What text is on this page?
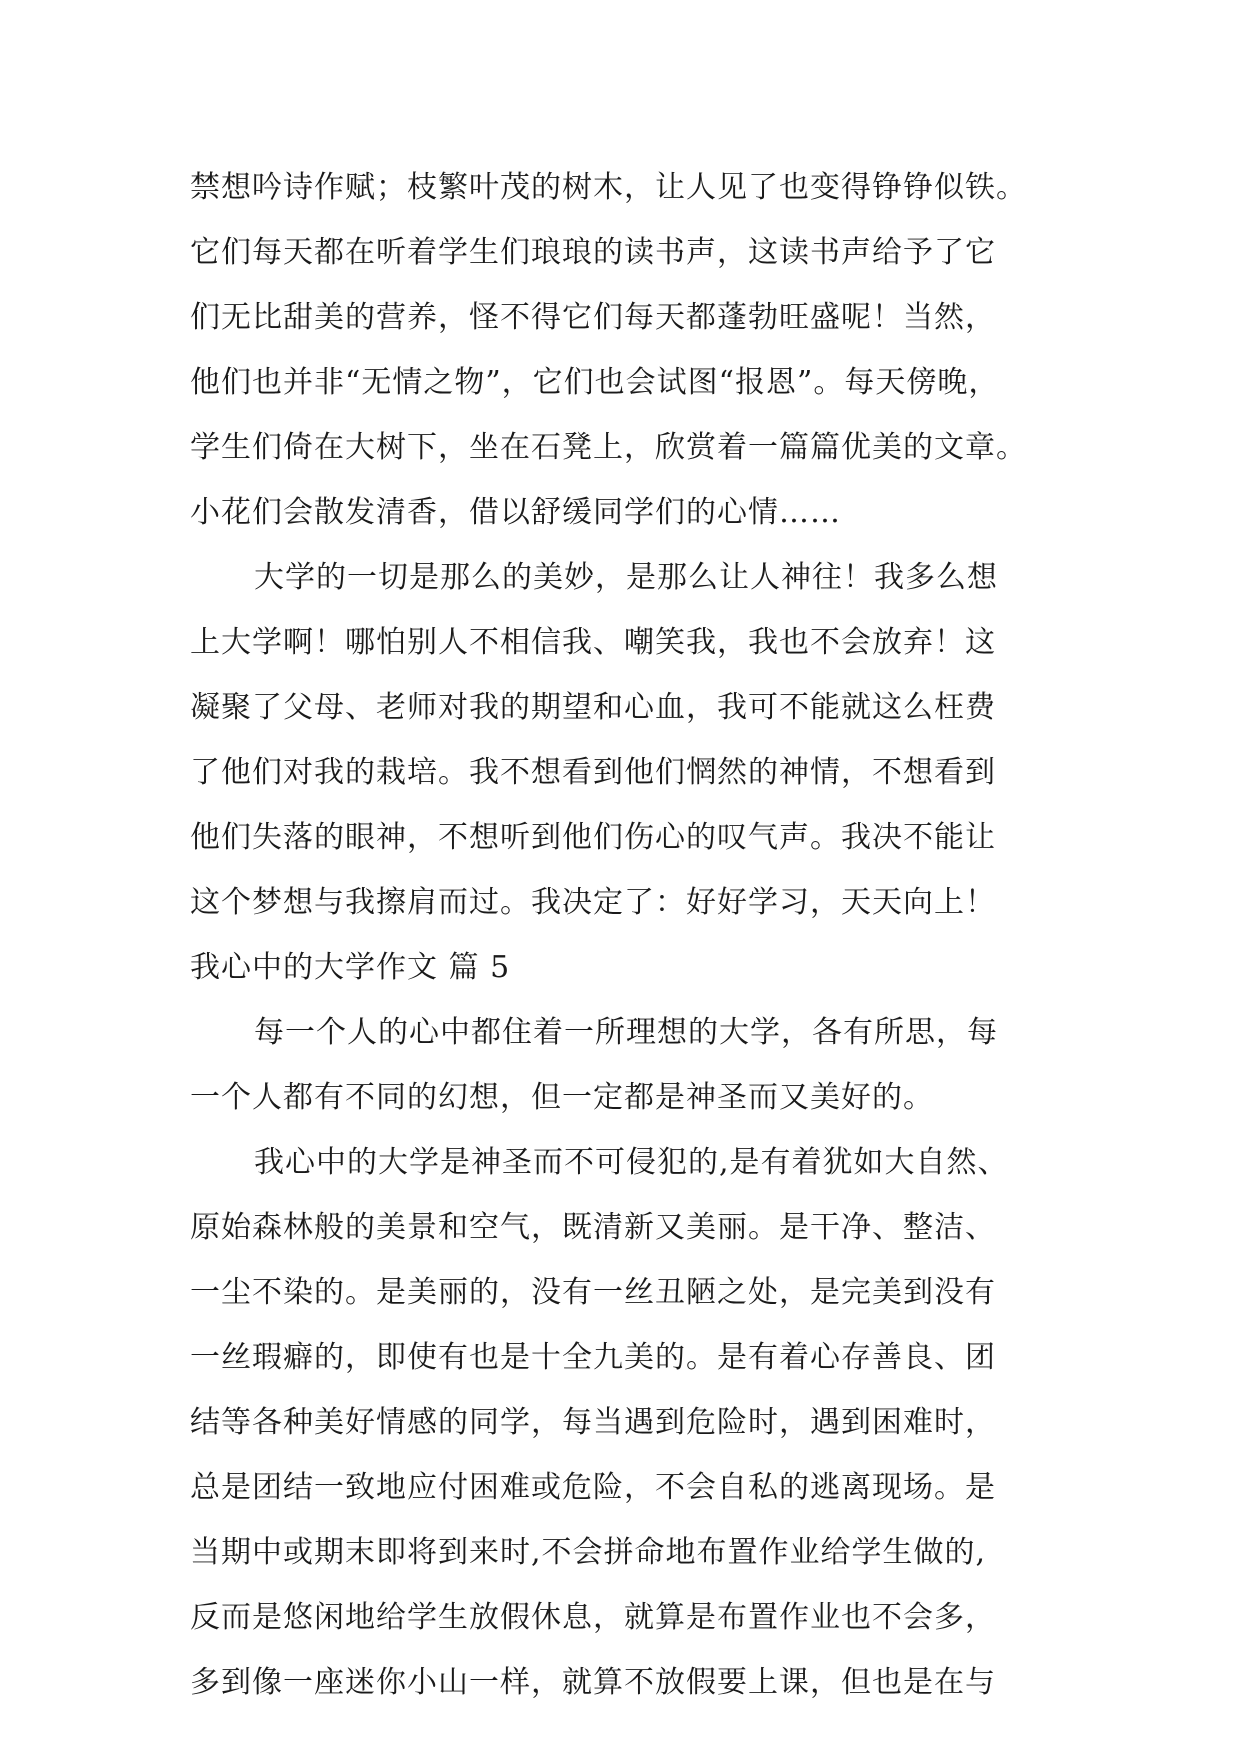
禁想吟诗作赋；枝繁叶茂的树木，让人见了也变得铮铮似铁。
它们每天都在听着学生们琅琅的读书声，这读书声给予了它
们无比甜美的营养，怪不得它们每天都蓬勃旺盛呢！当然，
他们也并非“无情之物”，它们也会试图“报恩”。每天傍晚，
学生们倚在大树下，坐在石凳上，欣赏着一篇篇优美的文章。
小花们会散发清香，借以舒缓同学们的心情……
大学的一切是那么的美妙，是那么让人神往！我多么想
上大学啊！哪怕别人不相信我、嘲笑我，我也不会放弃！这
凝聚了父母、老师对我的期望和心血，我可不能就这么枉费
了他们对我的栽培。我不想看到他们惘然的神情，不想看到
他们失落的眼神，不想听到他们伤心的叹气声。我决不能让
这个梦想与我擦肩而过。我决定了：好好学习，天天向上！
我心中的大学作文 篇 5
每一个人的心中都住着一所理想的大学，各有所思，每
一个人都有不同的幻想，但一定都是神圣而又美好的。
我心中的大学是神圣而不可侵犯的,是有着犹如大自然、
原始森林般的美景和空气，既清新又美丽。是干净、整洁、
一尘不染的。是美丽的，没有一丝丑陋之处，是完美到没有
一丝瑕癖的，即使有也是十全九美的。是有着心存善良、团
结等各种美好情感的同学，每当遇到危险时，遇到困难时，
总是团结一致地应付困难或危险，不会自私的逃离现场。是
当期中或期末即将到来时,不会拼命地布置作业给学生做的,
反而是悠闲地给学生放假休息，就算是布置作业也不会多，
多到像一座迷你小山一样，就算不放假要上课，但也是在与
